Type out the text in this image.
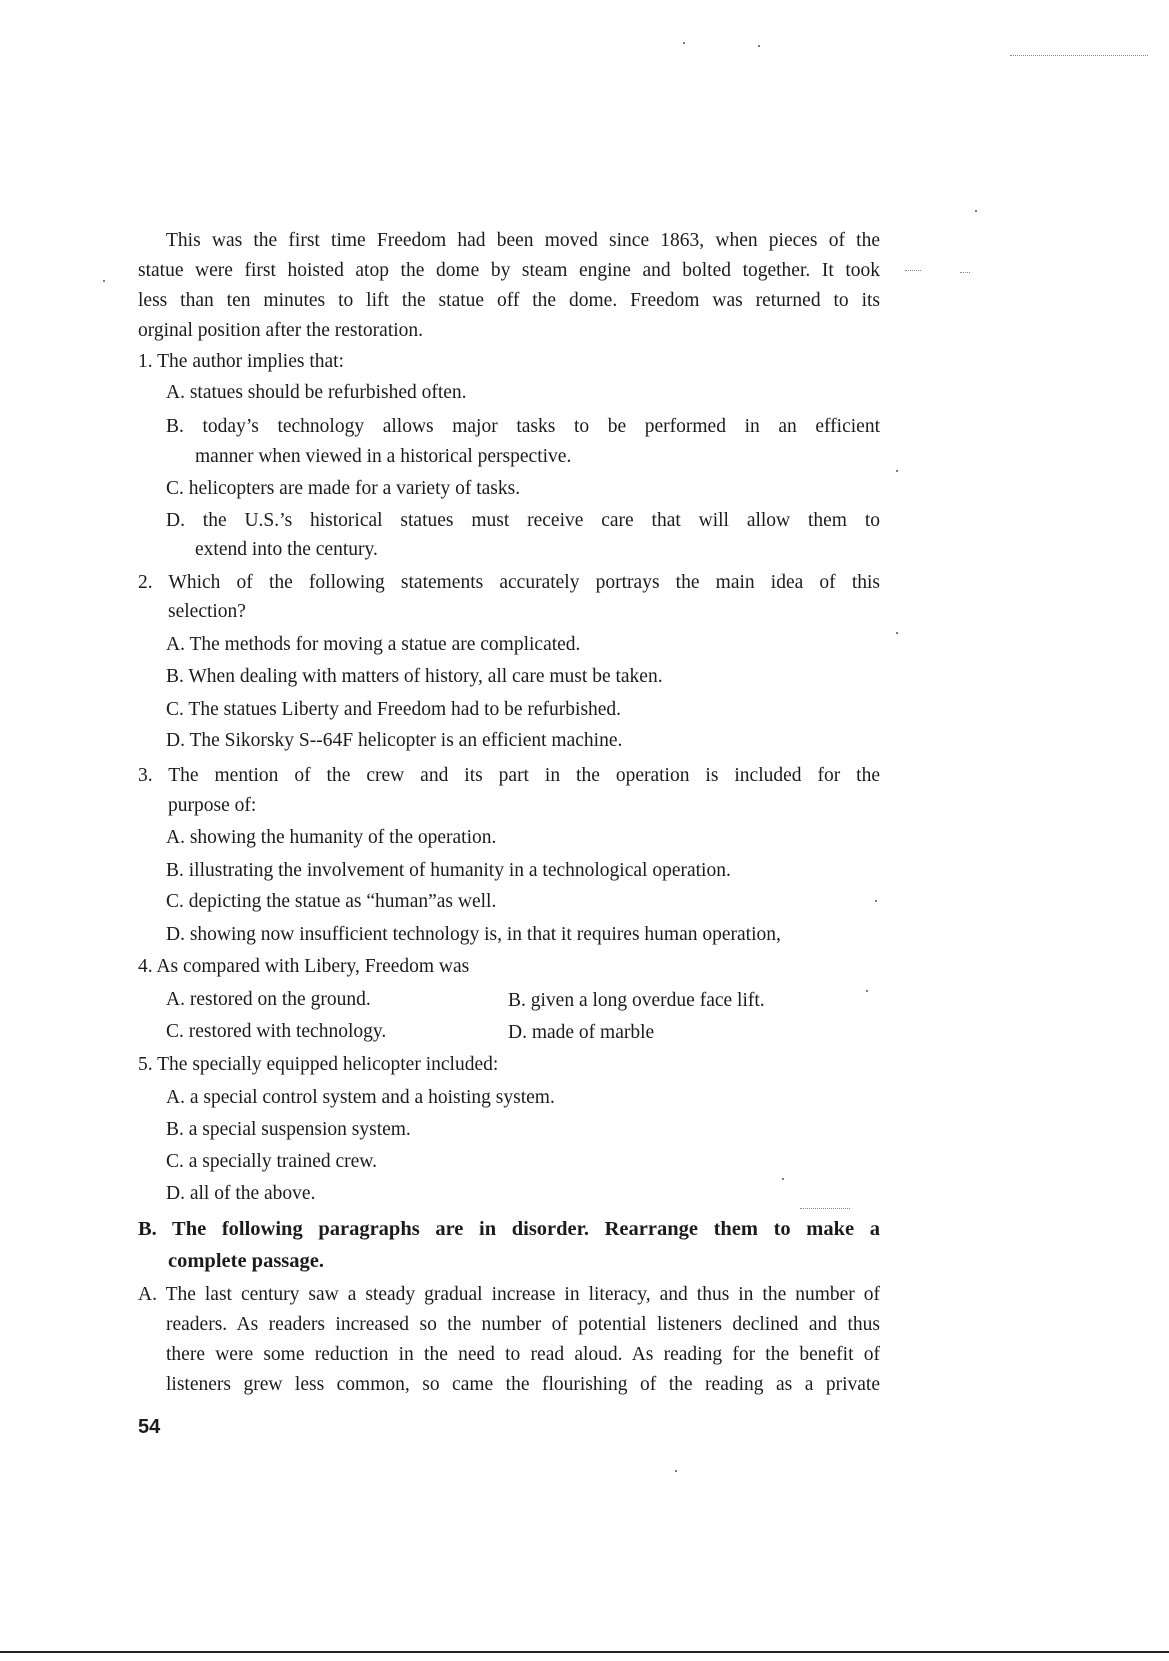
This was the first time Freedom had been moved since 1863, when pieces of the
statue were first hoisted atop the dome by steam engine and bolted together. It took
less than ten minutes to lift the statue off the dome. Freedom was returned to its
orginal position after the restoration.
1. The author implies that:
A. statues should be refurbished often.
B. today’s technology allows major tasks to be performed in an efficient
manner when viewed in a historical perspective.
C. helicopters are made for a variety of tasks.
D. the U.S.’s historical statues must receive care that will allow them to
extend into the century.
2. Which of the following statements accurately portrays the main idea of this
selection?
A. The methods for moving a statue are complicated.
B. When dealing with matters of history, all care must be taken.
C. The statues Liberty and Freedom had to be refurbished.
D. The Sikorsky S--64F helicopter is an efficient machine.
3. The mention of the crew and its part in the operation is included for the
purpose of:
A. showing the humanity of the operation.
B. illustrating the involvement of humanity in a technological operation.
C. depicting the statue as “human”as well.
D. showing now insufficient technology is, in that it requires human operation,
4. As compared with Libery, Freedom was
A. restored on the ground.	B. given a long overdue face lift.
C. restored with technology.	D. made of marble
5. The specially equipped helicopter included:
A. a special control system and a hoisting system.
B. a special suspension system.
C. a specially trained crew.
D. all of the above.
B. The following paragraphs are in disorder. Rearrange them to make a
complete passage.
A. The last century saw a steady gradual increase in literacy, and thus in the number of
readers. As readers increased so the number of potential listeners declined and thus
there were some reduction in the need to read aloud. As reading for the benefit of
listeners grew less common, so came the flourishing of the reading as a private
54
